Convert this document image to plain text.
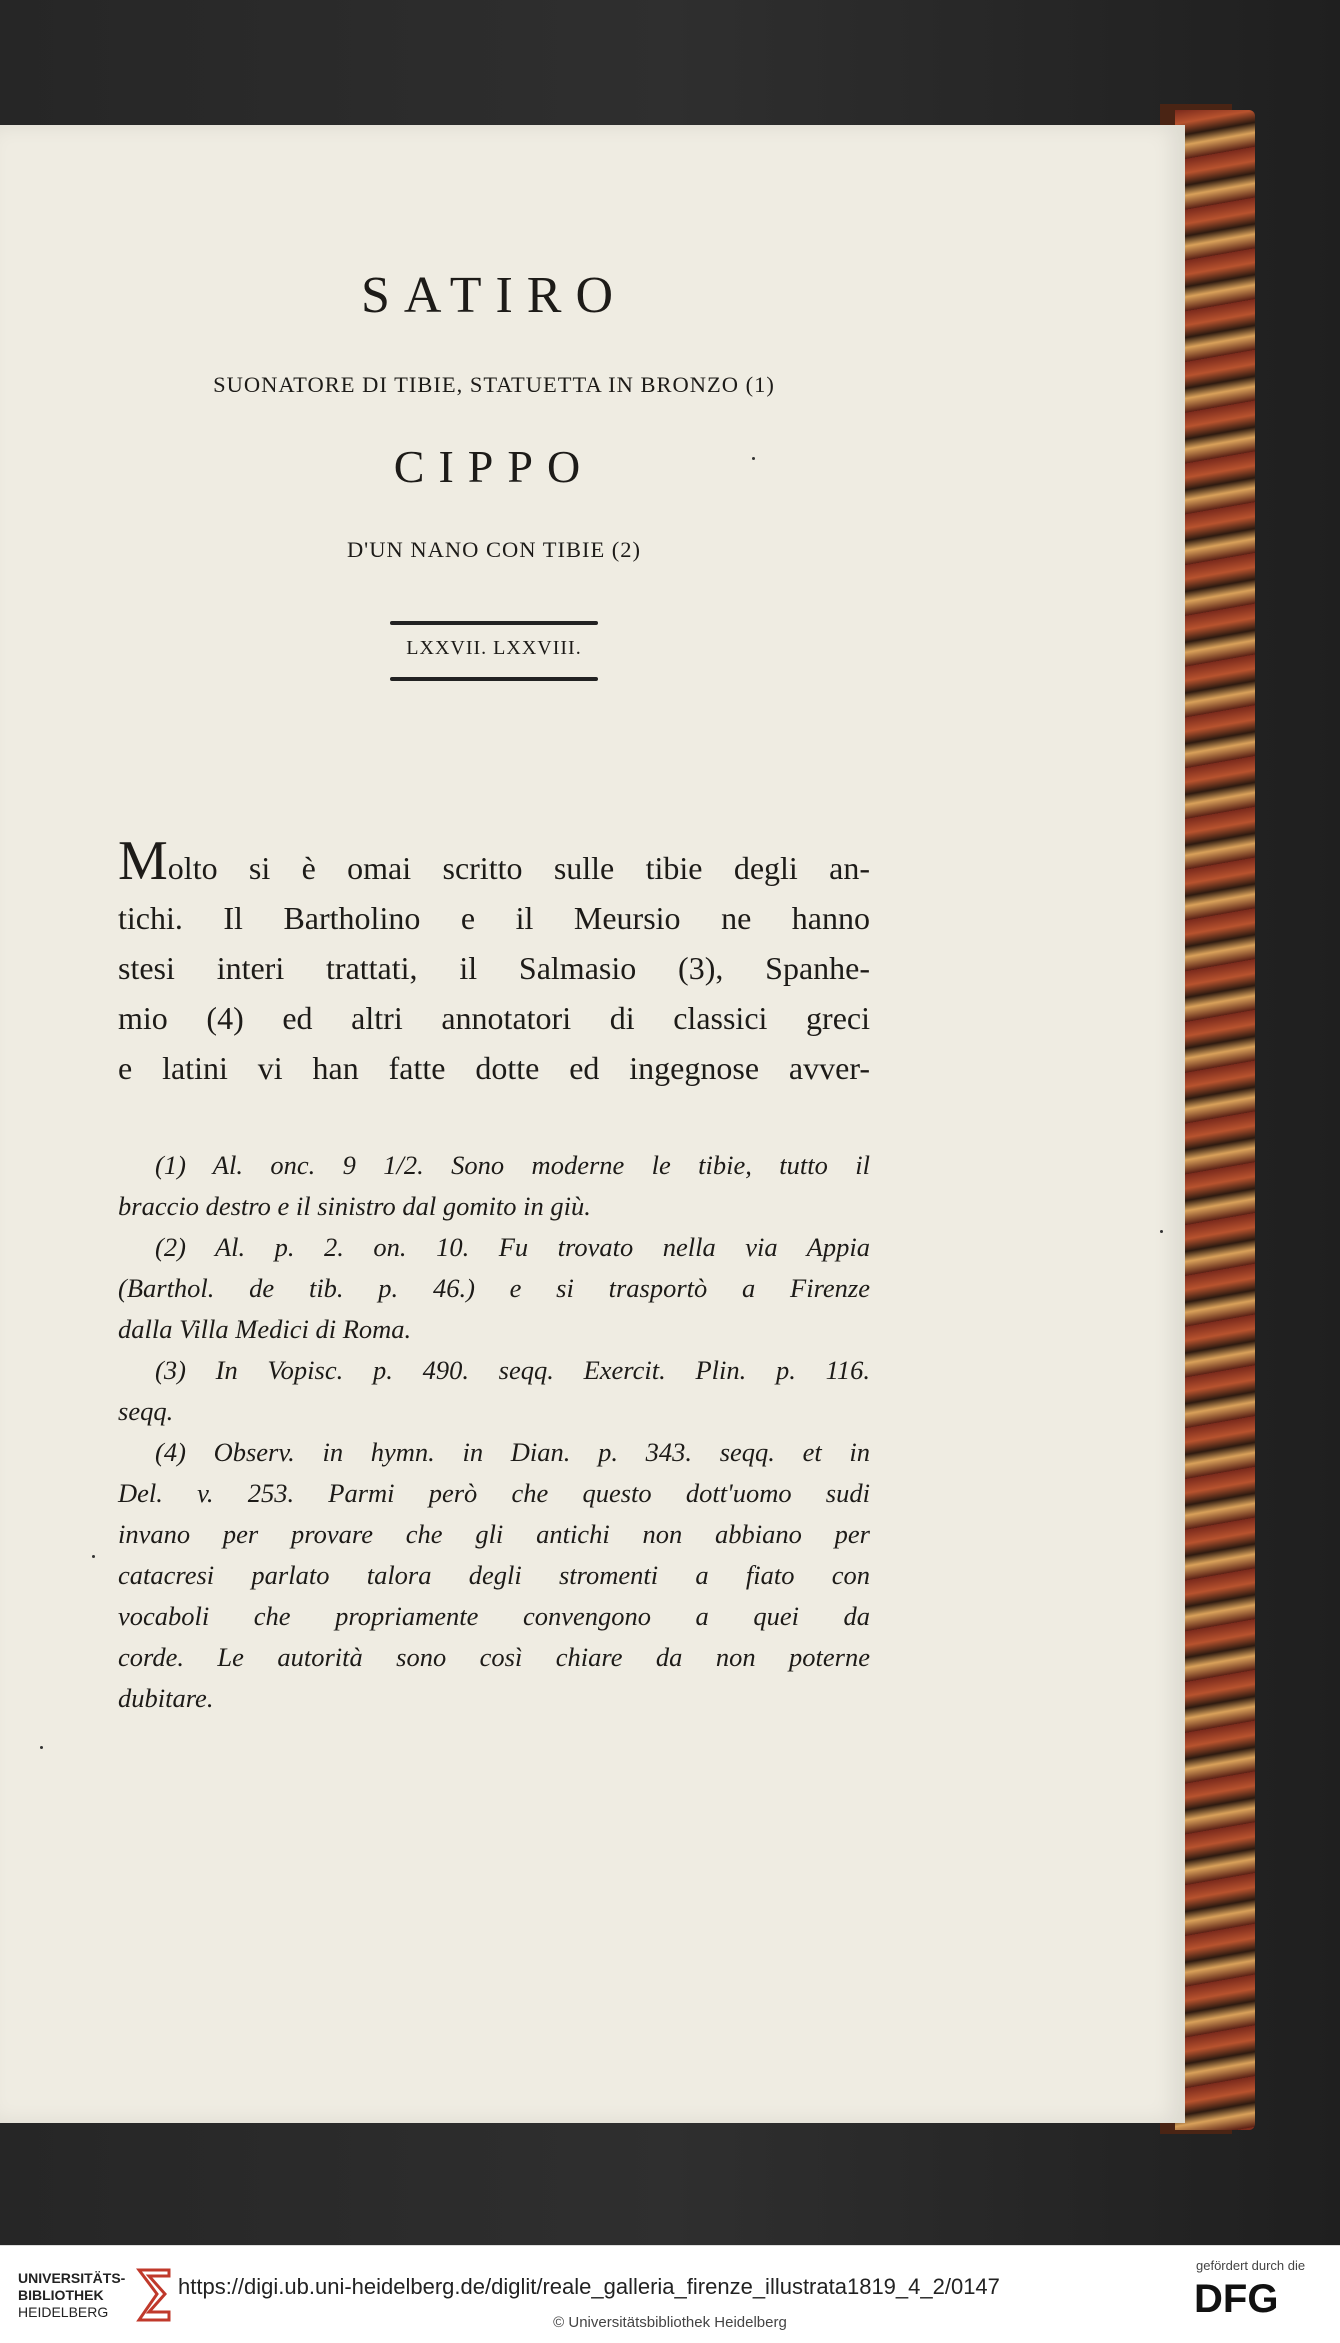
SATIRO
SUONATORE DI TIBIE, STATUETTA IN BRONZO (1)
CIPPO
D'UN NANO CON TIBIE (2)
LXXVII. LXXVIII.
Molto si è omai scritto sulle tibie degli an-
tichi. Il Bartholino e il Meursio ne hanno
stesi interi trattati, il Salmasio (3), Spanhe-
mio (4) ed altri annotatori di classici greci
e latini vi han fatte dotte ed ingegnose avver-
(1) Al. onc. 9 1/2. Sono moderne le tibie, tutto il
braccio destro e il sinistro dal gomito in giù.
(2) Al. p. 2. on. 10. Fu trovato nella via Appia
(Barthol. de tib. p. 46.) e si trasportò a Firenze
dalla Villa Medici di Roma.
(3) In Vopisc. p. 490. seqq. Exercit. Plin. p. 116.
seqq.
(4) Observ. in hymn. in Dian. p. 343. seqq. et in
Del. v. 253. Parmi però che questo dott'uomo sudi
invano per provare che gli antichi non abbiano per
catacresi parlato talora degli stromenti a fiato con
vocaboli che propriamente convengono a quei da
corde. Le autorità sono così chiare da non poterne
dubitare.
UNIVERSITÄTS-
BIBLIOTHEK
HEIDELBERG
https://digi.ub.uni-heidelberg.de/diglit/reale_galleria_firenze_illustrata1819_4_2/0147
© Universitätsbibliothek Heidelberg
gefördert durch die
DFG
